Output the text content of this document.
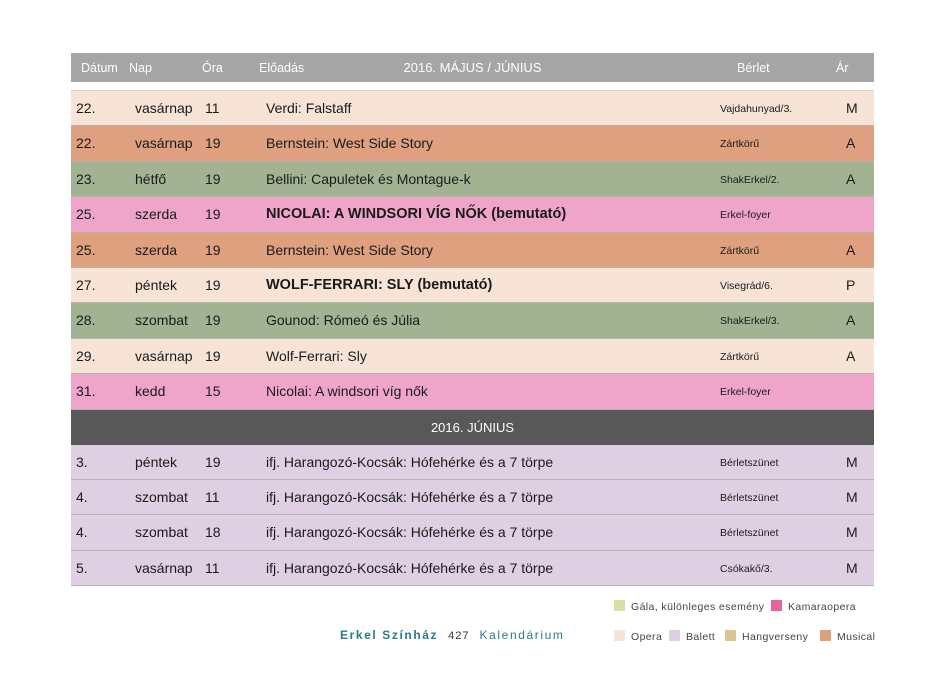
Dátum Nap	Óra	Előadás	2016. MÁJUS / JÚNIUS	Bérlet	Ár
22.	vasárnap 11	Verdi: Falstaff	Vajdahunyad/3.	M
22.	vasárnap 19	Bernstein: West Side Story	Zártkörű	A
23.	hétfő	19	Bellini: Capuletek és Montague-k	ShakErkel/2.	A
25.	szerda 19	NICOLAI: A WINDSORI VÍG NŐK (bemutató)	Erkel-foyer
25.	szerda 19	Bernstein: West Side Story	Zártkörű	A
27.	péntek 19	WOLF-FERRARI: SLY (bemutató)	Visegrád/6.	P
28.	szombat 19	Gounod: Rómeó és Júlia	ShakErkel/3.	A
29.	vasárnap 19	Wolf-Ferrari: Sly	Zártkörű	A
31.	kedd	15	Nicolai: A windsori víg nők	Erkel-foyer
2016. JÚNIUS
3.	péntek 19	ifj. Harangozó-Kocsák: Hófehérke és a 7 törpe	Bérletszünet	M
4.	szombat 11	ifj. Harangozó-Kocsák: Hófehérke és a 7 törpe	Bérletszünet	M
4.	szombat 18	ifj. Harangozó-Kocsák: Hófehérke és a 7 törpe	Bérletszünet	M
5.	vasárnap 11	ifj. Harangozó-Kocsák: Hófehérke és a 7 törpe	Csókakő/3.	M
Gála, különleges esemény	Kamaraopera
Opera	Balett	Hangverseny	Musical
Erkel Színház 427 Kalendárium
